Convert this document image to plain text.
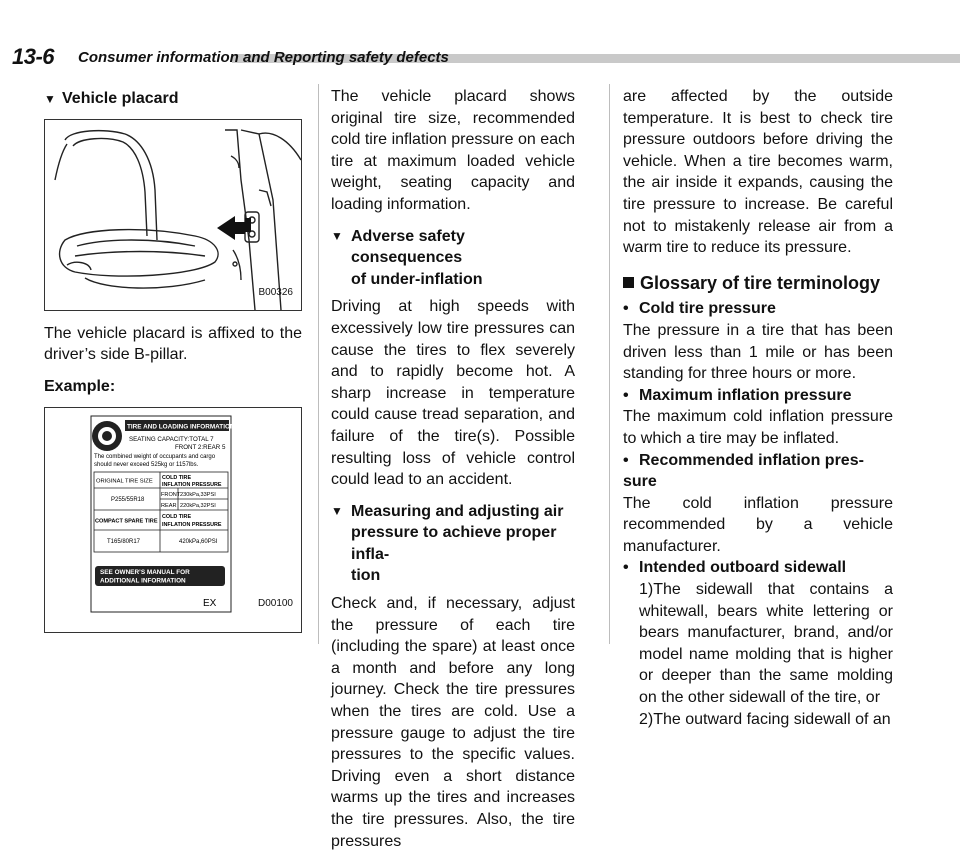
13-6 Consumer information and Reporting safety defects
▼ Vehicle placard
B00326

The vehicle placard is affixed to the driver’s side B-pillar.

Example:
TIRE AND LOADING INFORMATION
SEATING CAPACITY:TOTAL 7
FRONT 2:REAR 5
The combined weight of occupants and cargo
should never exceed 525kg or 1157lbs.
ORIGINAL TIRE SIZE
COLD TIRE
INFLATION PRESSURE
P255/55R18
FRONT 230kPa,33PSI
REAR 220kPa,32PSI
COMPACT SPARE TIRE
COLD TIRE
INFLATION PRESSURE
T165/80R17	420kPa,60PSI
SEE OWNER’S MANUAL FOR
ADDITIONAL INFORMATION
EX	D00100

The vehicle placard shows original tire size, recommended cold tire inflation pressure on each tire at maximum loaded vehicle weight, seating capacity and loading information.

▼ Adverse safety consequences
of under-inflation

Driving at high speeds with excessively low tire pressures can cause the tires to flex severely and to rapidly become hot. A sharp increase in temperature could cause tread separation, and failure of the tire(s). Possible resulting loss of vehicle control could lead to an accident.

▼ Measuring and adjusting air
pressure to achieve proper infla-
tion

Check and, if necessary, adjust the pressure of each tire (including the spare) at least once a month and before any long journey. Check the tire pressures when the tires are cold. Use a pressure gauge to adjust the tire pressures to the specific values. Driving even a short distance warms up the tires and increases the tire pressures. Also, the tire pressures

are affected by the outside temperature. It is best to check tire pressure outdoors before driving the vehicle. When a tire becomes warm, the air inside it expands, causing the tire pressure to increase. Be careful not to mistakenly release air from a warm tire to reduce its pressure.

Glossary of tire terminology
• Cold tire pressure

The pressure in a tire that has been driven less than 1 mile or has been standing for three hours or more.

• Maximum inflation pressure

The maximum cold inflation pressure to which a tire may be inflated.

• Recommended inflation pres-
sure

The cold inflation pressure recommended by a vehicle manufacturer.

• Intended outboard sidewall

1)The sidewall that contains a whitewall, bears white lettering or bears manufacturer, brand, and/or model name molding that is higher or deeper than the same molding on the other sidewall of the tire, or

2)The outward facing sidewall of an
